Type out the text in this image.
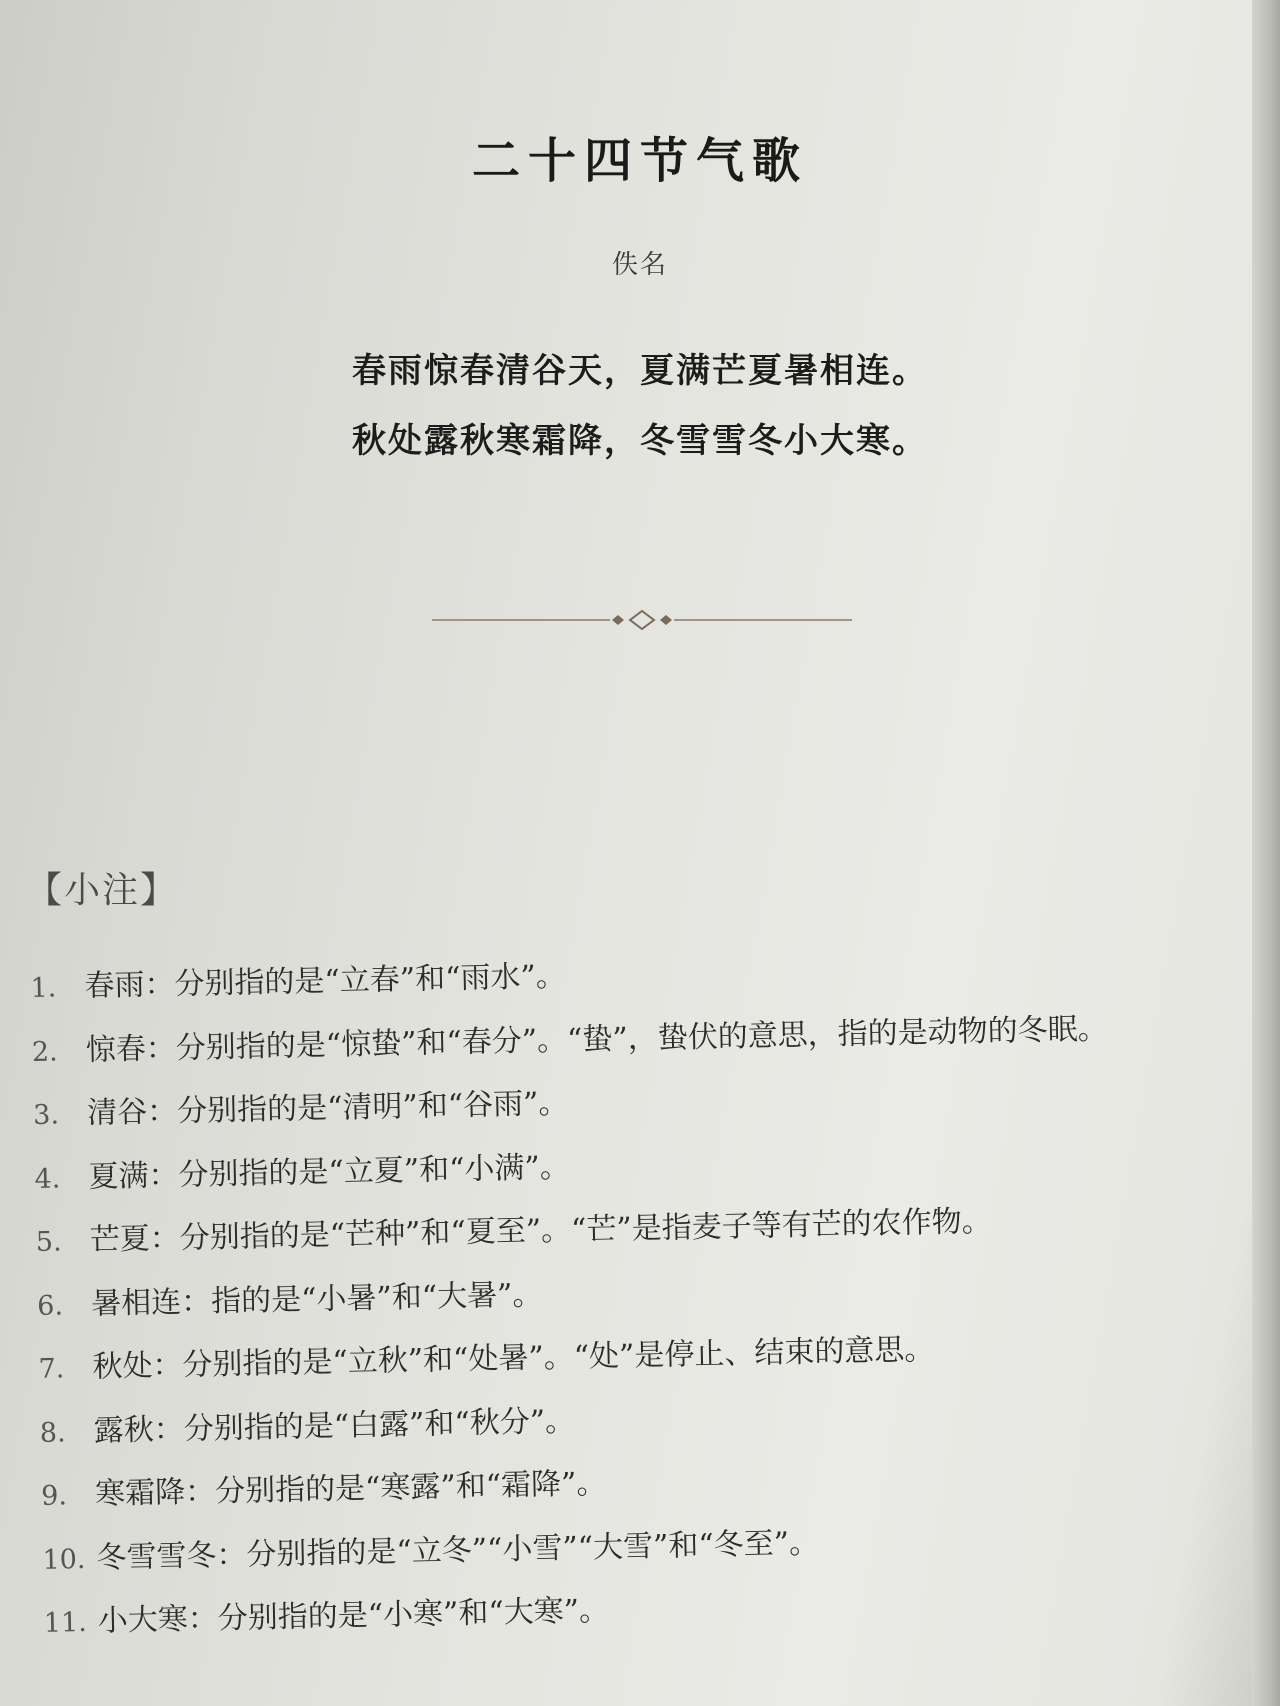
二十四节气歌
佚名
春雨惊春清谷天，夏满芒夏暑相连。
秋处露秋寒霜降，冬雪雪冬小大寒。
【小注】
1. 春雨：分别指的是“立春”和“雨水”。
2. 惊春：分别指的是“惊蛰”和“春分”。“蛰”，蛰伏的意思，指的是动物的冬眠。
3. 清谷：分别指的是“清明”和“谷雨”。
4. 夏满：分别指的是“立夏”和“小满”。
5. 芒夏：分别指的是“芒种”和“夏至”。“芒”是指麦子等有芒的农作物。
6. 暑相连：指的是“小暑”和“大暑”。
7. 秋处：分别指的是“立秋”和“处暑”。“处”是停止、结束的意思。
8. 露秋：分别指的是“白露”和“秋分”。
9. 寒霜降：分别指的是“寒露”和“霜降”。
10. 冬雪雪冬：分别指的是“立冬”“小雪”“大雪”和“冬至”。
11. 小大寒：分别指的是“小寒”和“大寒”。
